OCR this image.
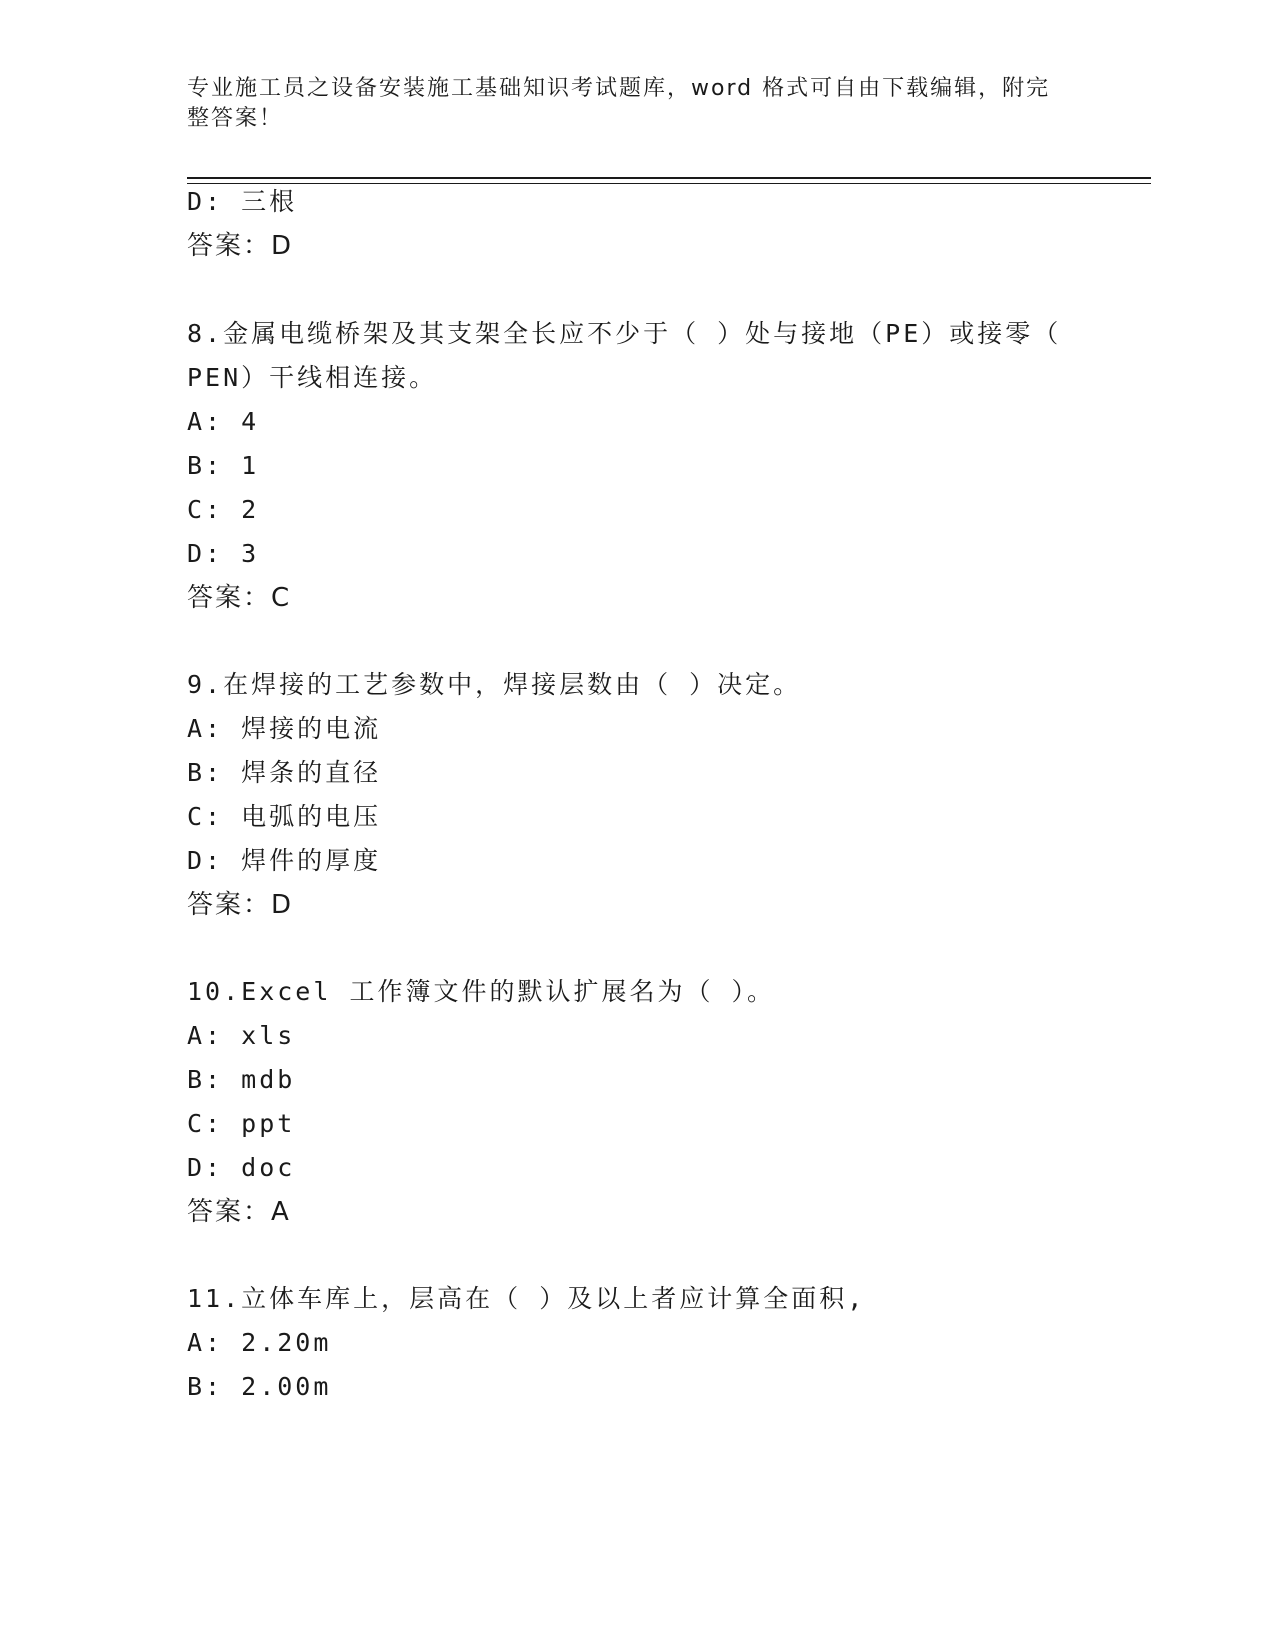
专业施工员之设备安装施工基础知识考试题库，word 格式可自由下载编辑，附完整答案！
D: 三根
答案：D
8.金属电缆桥架及其支架全长应不少于（ ）处与接地（PE）或接零（
PEN）干线相连接。
A: 4
B: 1
C: 2
D: 3
答案：C
9.在焊接的工艺参数中，焊接层数由（ ）决定。
A: 焊接的电流
B: 焊条的直径
C: 电弧的电压
D: 焊件的厚度
答案：D
10.Excel 工作簿文件的默认扩展名为（ ）。
A: xls
B: mdb
C: ppt
D: doc
答案：A
11.立体车库上，层高在（ ）及以上者应计算全面积,
A: 2.20m
B: 2.00m
